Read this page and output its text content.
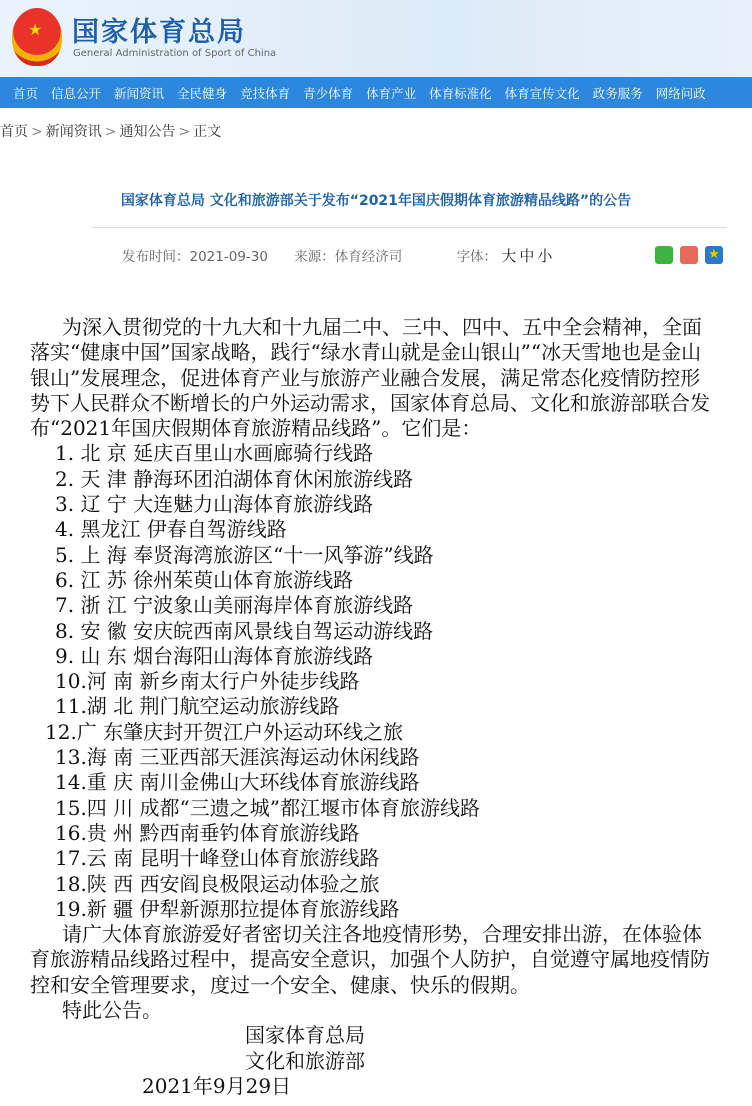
★ 国家体育总局
General Administration of Sport of China
首页 信息公开 新闻资讯 全民健身 竞技体育 青少体育 体育产业 体育标准化 体育宣传文化 政务服务 网络问政
首页 > 新闻资讯 > 通知公告 > 正文
国家体育总局 文化和旅游部关于发布“2021年国庆假期体育旅游精品线路”的公告
发布时间：2021-09-30 来源：体育经济司	字体： 大中小	★
为深入贯彻党的十九大和十九届二中、三中、四中、五中全会精神，全面
落实“健康中国”国家战略，践行“绿水青山就是金山银山”“冰天雪地也是金山
银山”发展理念，促进体育产业与旅游产业融合发展，满足常态化疫情防控形
势下人民群众不断增长的户外运动需求，国家体育总局、文化和旅游部联合发
布“2021年国庆假期体育旅游精品线路”。它们是：
1. 北 京 延庆百里山水画廊骑行线路
2. 天 津 静海环团泊湖体育休闲旅游线路
3. 辽 宁 大连魅力山海体育旅游线路
4. 黑龙江 伊春自驾游线路
5. 上 海 奉贤海湾旅游区“十一风筝游”线路
6. 江 苏 徐州茱萸山体育旅游线路
7. 浙 江 宁波象山美丽海岸体育旅游线路
8. 安 徽 安庆皖西南风景线自驾运动游线路
9. 山 东 烟台海阳山海体育旅游线路
10.河 南 新乡南太行户外徒步线路
11.湖 北 荆门航空运动旅游线路
12.广 东肇庆封开贺江户外运动环线之旅
13.海 南 三亚西部天涯滨海运动休闲线路
14.重 庆 南川金佛山大环线体育旅游线路
15.四 川 成都“三遗之城”都江堰市体育旅游线路
16.贵 州 黔西南垂钓体育旅游线路
17.云 南 昆明十峰登山体育旅游线路
18.陕 西 西安阎良极限运动体验之旅
19.新 疆 伊犁新源那拉提体育旅游线路
请广大体育旅游爱好者密切关注各地疫情形势，合理安排出游，在体验体
育旅游精品线路过程中，提高安全意识，加强个人防护，自觉遵守属地疫情防
控和安全管理要求，度过一个安全、健康、快乐的假期。
特此公告。
国家体育总局
文化和旅游部
2021年9月29日
